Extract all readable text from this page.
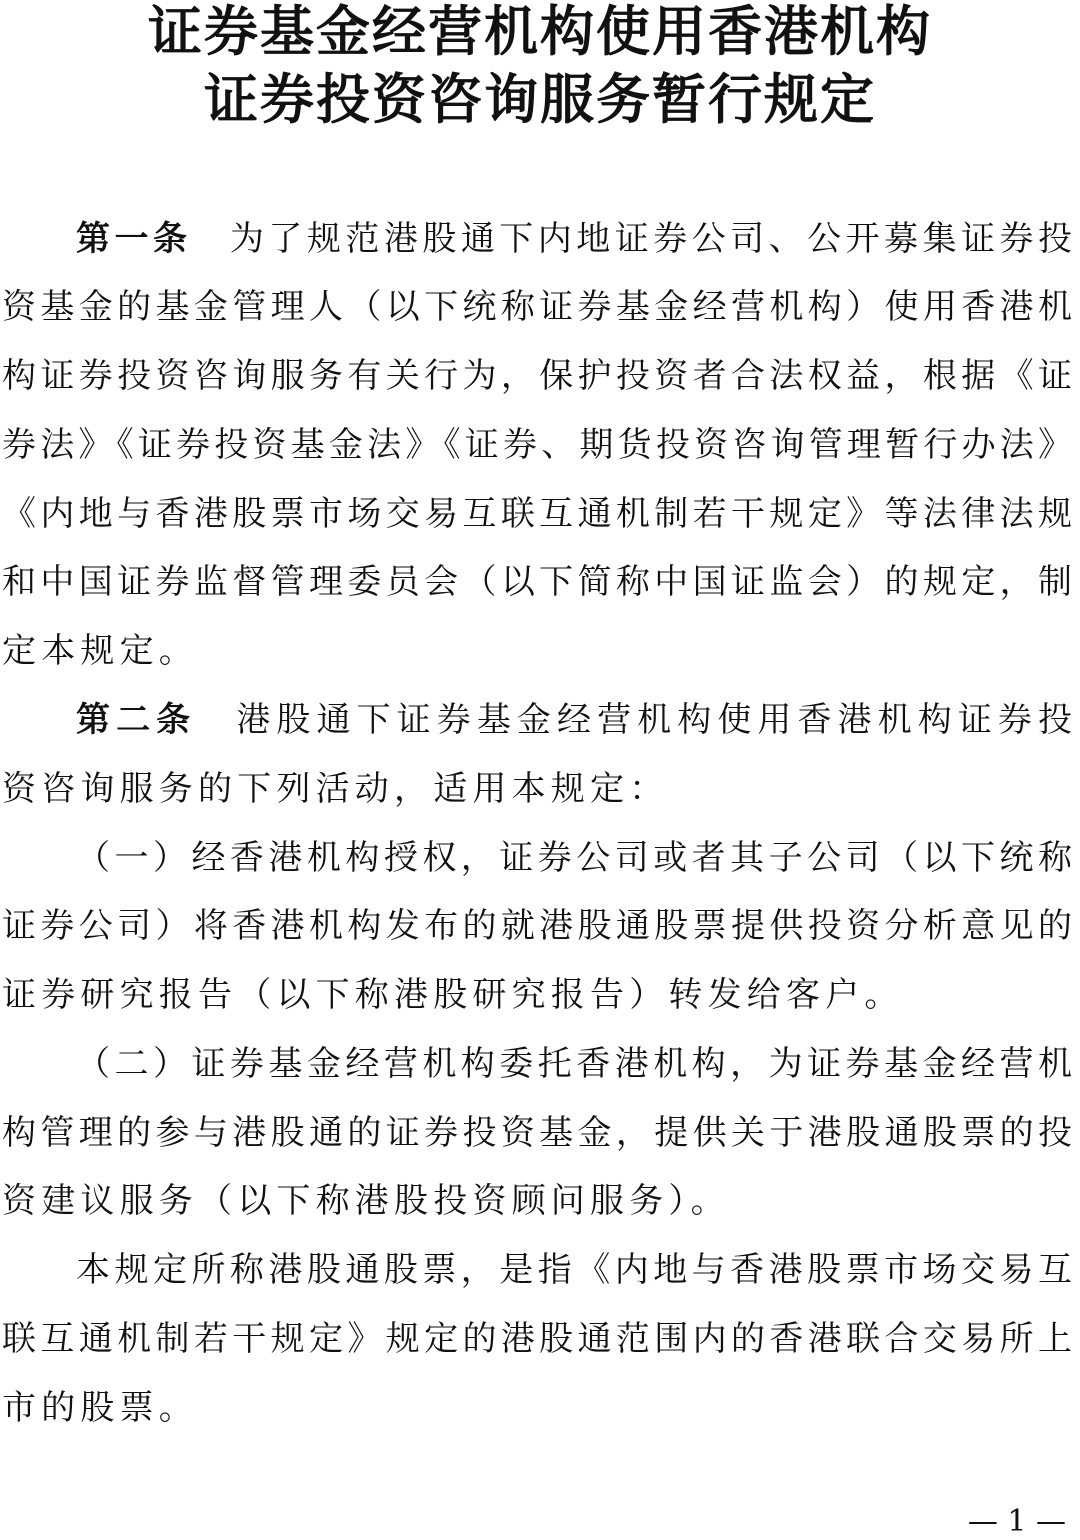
证券基金经营机构使用香港机构
证券投资咨询服务暂行规定

第一条 为了规范港股通下内地证券公司、公开募集证券投

资基金的基金管理人（以下统称证券基金经营机构）使用香港机

构证券投资咨询服务有关行为，保护投资者合法权益，根据《证

券法》《证券投资基金法》《证券、期货投资咨询管理暂行办法》

《内地与香港股票市场交易互联互通机制若干规定》等法律法规

和中国证券监督管理委员会（以下简称中国证监会）的规定，制

定本规定。

第二条 港股通下证券基金经营机构使用香港机构证券投

资咨询服务的下列活动，适用本规定：

（一）经香港机构授权，证券公司或者其子公司（以下统称

证券公司）将香港机构发布的就港股通股票提供投资分析意见的

证券研究报告（以下称港股研究报告）转发给客户。

（二）证券基金经营机构委托香港机构，为证券基金经营机

构管理的参与港股通的证券投资基金，提供关于港股通股票的投

资建议服务（以下称港股投资顾问服务）。

本规定所称港股通股票，是指《内地与香港股票市场交易互

联互通机制若干规定》规定的港股通范围内的香港联合交易所上

市的股票。

— 1 —
